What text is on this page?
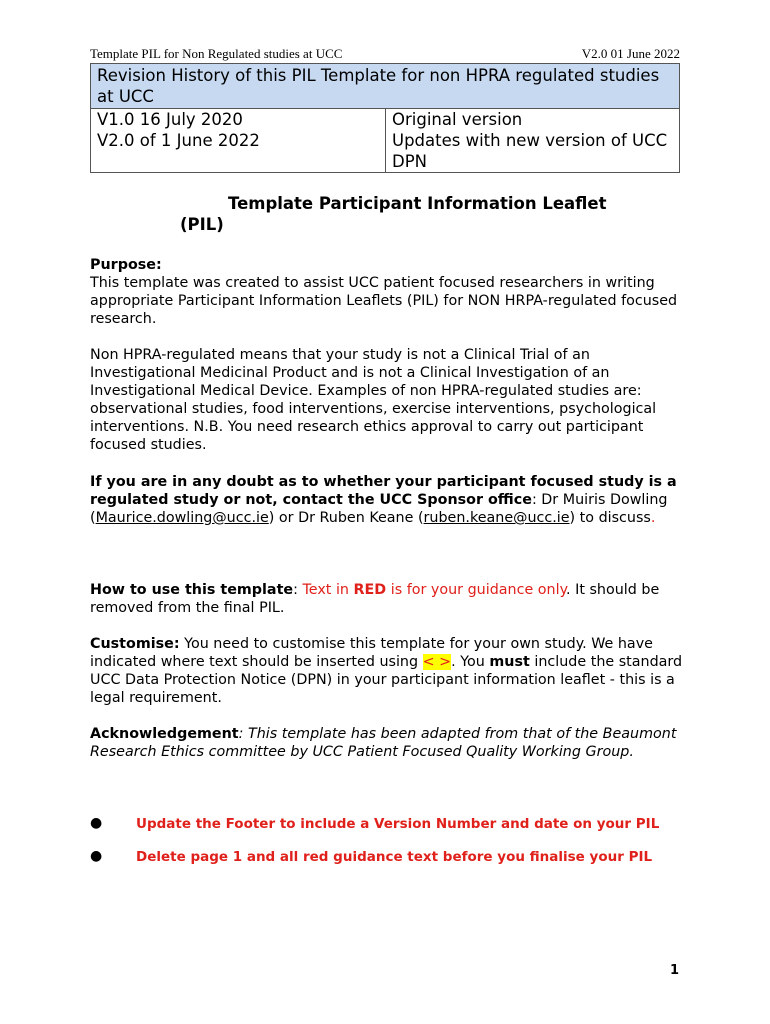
Template PIL for Non Regulated studies at UCC	V2.0 01 June 2022
Revision History of this PIL Template for non HPRA regulated studies at UCC	
V1.0 16 July 2020	Original version
V2.0 of 1 June 2022	Updates with new version of UCC DPN
Template Participant Information Leaflet
(PIL)

Purpose:
This template was created to assist UCC patient focused researchers in writing appropriate Participant Information Leaflets (PIL) for NON HRPA-regulated focused research.

Non HPRA-regulated means that your study is not a Clinical Trial of an Investigational Medicinal Product and is not a Clinical Investigation of an Investigational Medical Device. Examples of non HPRA-regulated studies are: observational studies, food interventions, exercise interventions, psychological interventions. N.B. You need research ethics approval to carry out participant focused studies.

If you are in any doubt as to whether your participant focused study is a regulated study or not, contact the UCC Sponsor office: Dr Muiris Dowling (Maurice.dowling@ucc.ie) or Dr Ruben Keane (ruben.keane@ucc.ie) to discuss.

How to use this template: Text in RED is for your guidance only. It should be removed from the final PIL.

Customise: You need to customise this template for your own study. We have indicated where text should be inserted using < >. You must include the standard UCC Data Protection Notice (DPN) in your participant information leaflet - this is a legal requirement.

Acknowledgement: This template has been adapted from that of the Beaumont Research Ethics committee by UCC Patient Focused Quality Working Group.

●	Update the Footer to include a Version Number and date on your PIL
●	Delete page 1 and all red guidance text before you finalise your PIL
1
